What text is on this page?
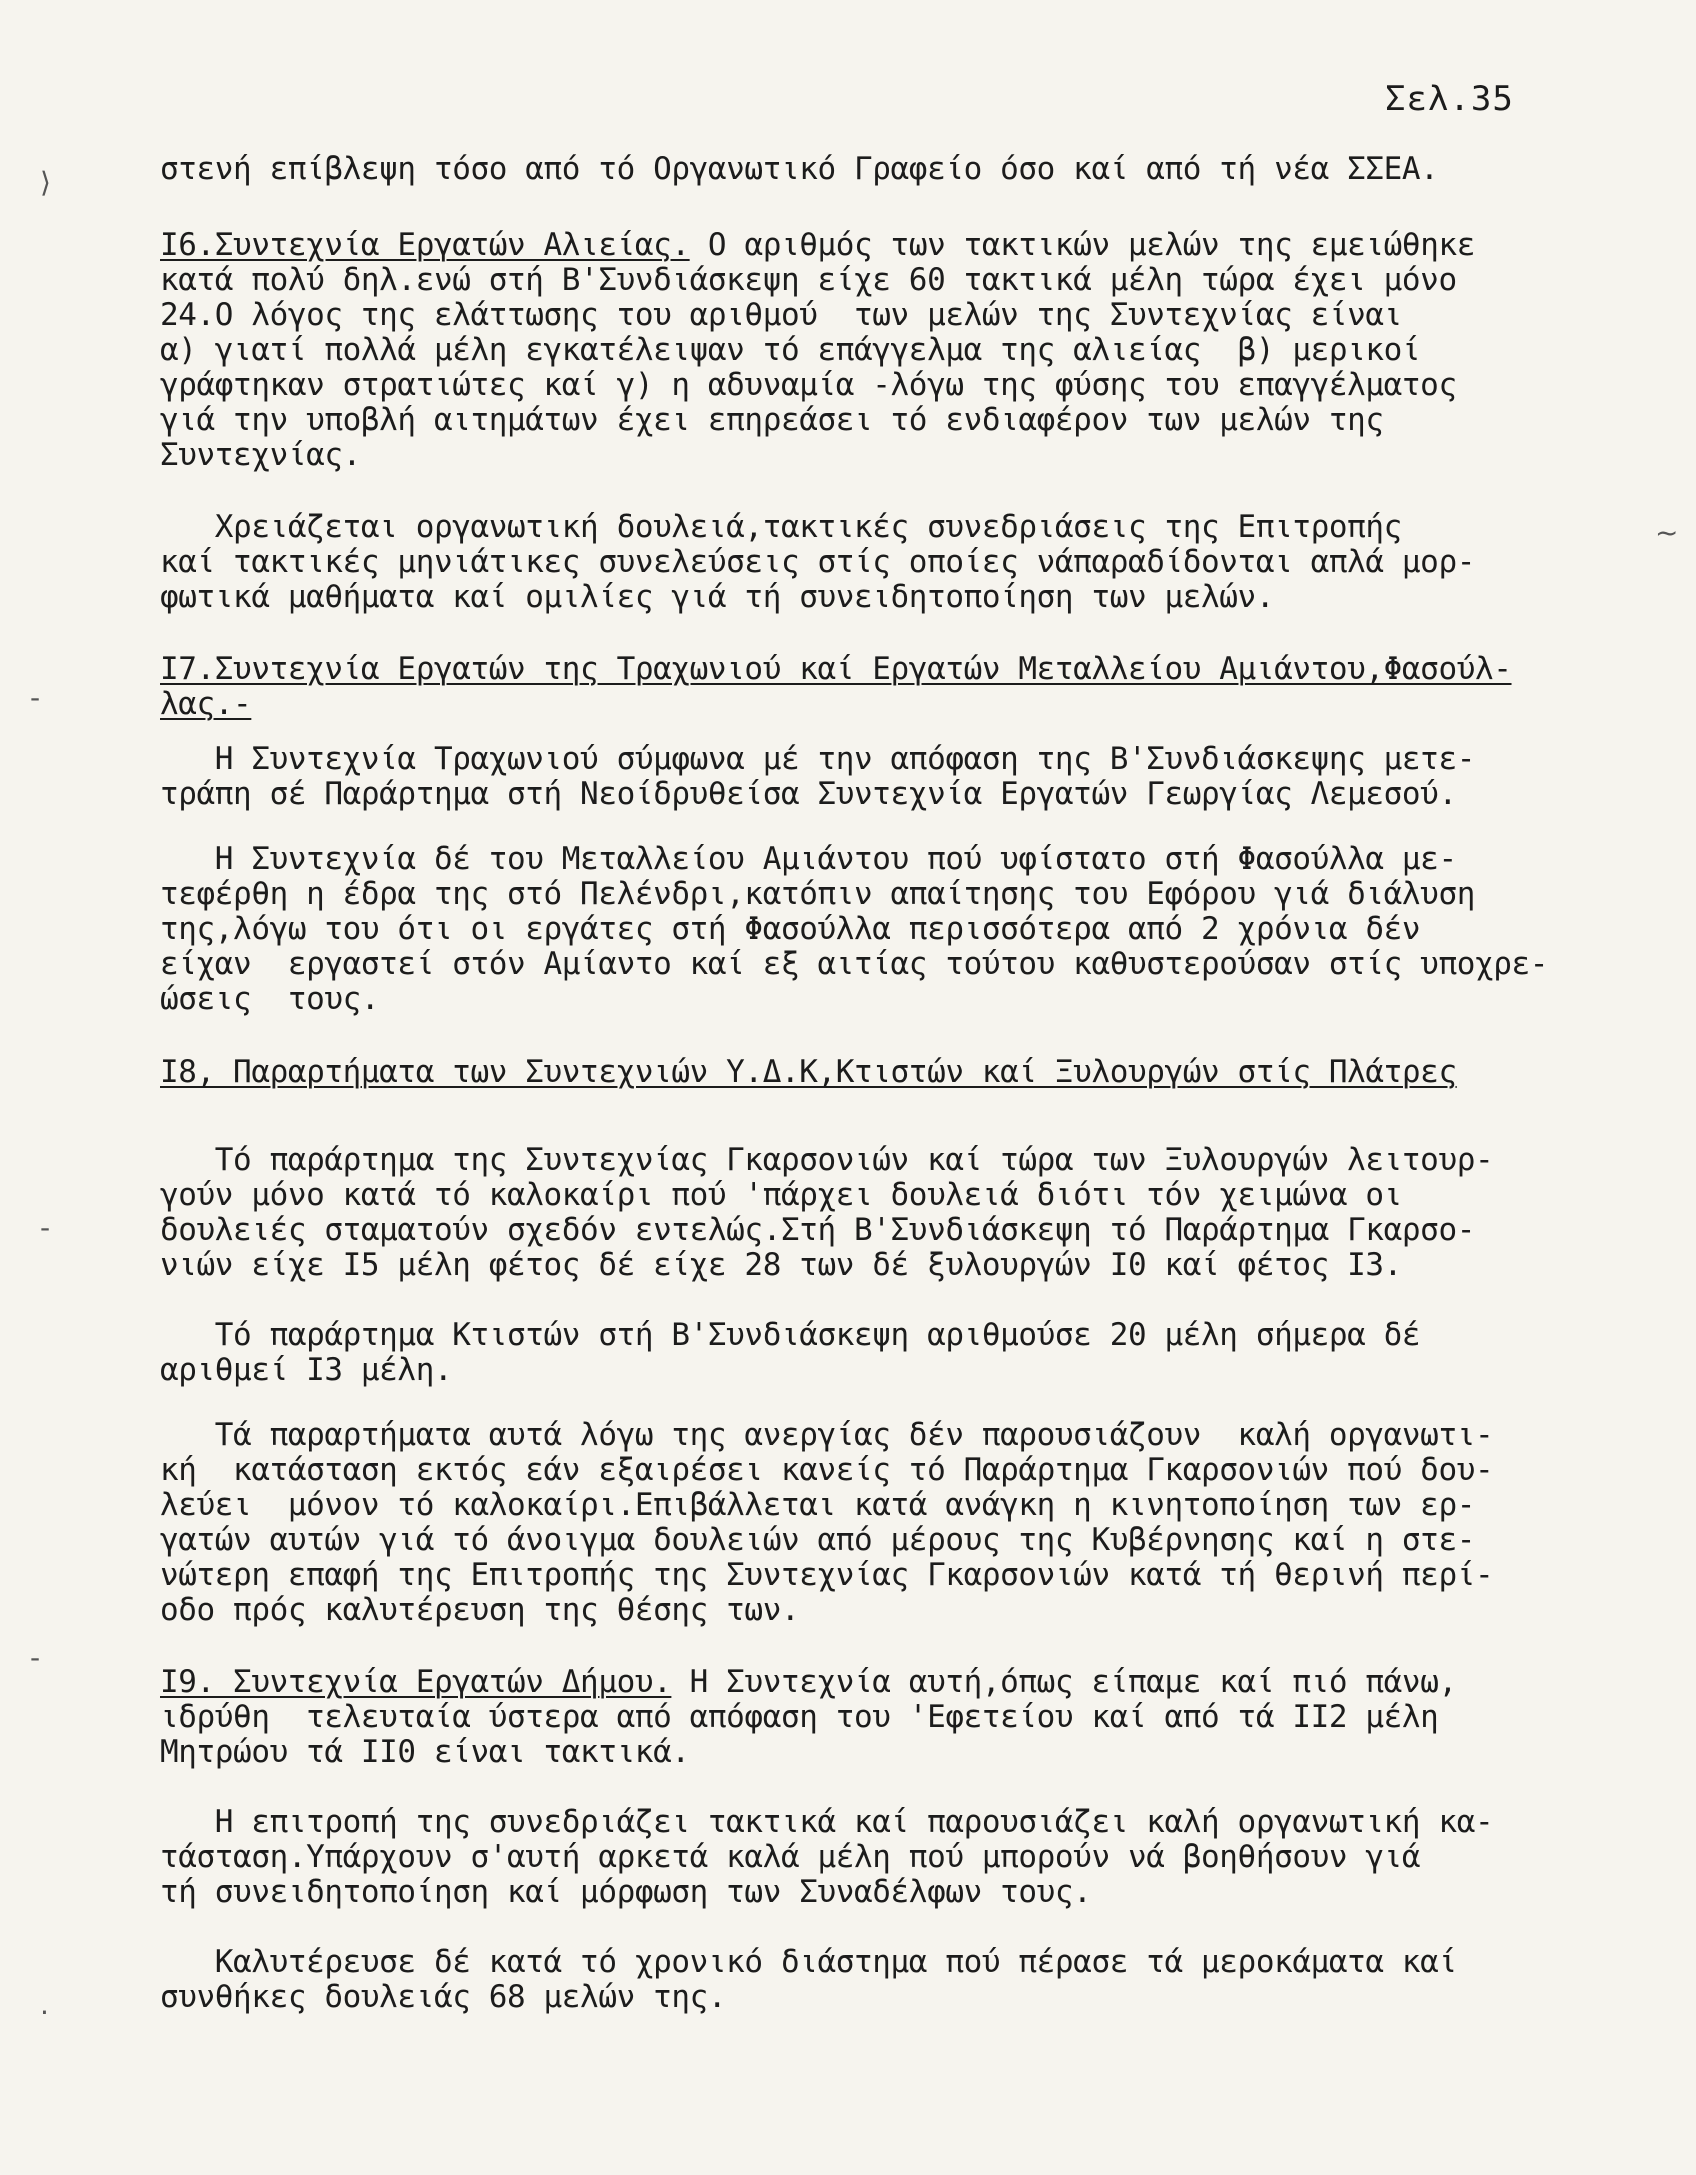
Σελ.35
στενή επίβλεψη τόσο από τό Οργανωτικό Γραφείο όσο καί από τή νέα ΣΣΕΑ.
I6.Συντεχνία Εργατών Αλιείας. Ο αριθμός των τακτικών μελών της εμειώθηκε
κατά πολύ δηλ.ενώ στή Β'Συνδιάσκεψη είχε 60 τακτικά μέλη τώρα έχει μόνο
24.Ο λόγος της ελάττωσης του αριθμού  των μελών της Συντεχνίας είναι
α) γιατί πολλά μέλη εγκατέλειψαν τό επάγγελμα της αλιείας  β) μερικοί
γράφτηκαν στρατιώτες καί γ) η αδυναμία -λόγω της φύσης του επαγγέλματος
γιά την υποβλή αιτημάτων έχει επηρεάσει τό ενδιαφέρον των μελών της
Συντεχνίας.
Χρειάζεται οργανωτική δουλειά,τακτικές συνεδριάσεις της Επιτροπής
καί τακτικές μηνιάτικες συνελεύσεις στίς οποίες νάπαραδίδονται απλά μορ-
φωτικά μαθήματα καί ομιλίες γιά τή συνειδητοποίηση των μελών.
I7.Συντεχνία Εργατών της Τραχωνιού καί Εργατών Μεταλλείου Αμιάντου,Φασούλ-
λας.-
Η Συντεχνία Τραχωνιού σύμφωνα μέ την απόφαση της Β'Συνδιάσκεψης μετε-
τράπη σέ Παράρτημα στή Νεοίδρυθείσα Συντεχνία Εργατών Γεωργίας Λεμεσού.
Η Συντεχνία δέ του Μεταλλείου Αμιάντου πού υφίστατο στή Φασούλλα με-
τεφέρθη η έδρα της στό Πελένδρι,κατόπιν απαίτησης του Εφόρου γιά διάλυση
της,λόγω του ότι οι εργάτες στή Φασούλλα περισσότερα από 2 χρόνια δέν
είχαν  εργαστεί στόν Αμίαντο καί εξ αιτίας τούτου καθυστερούσαν στίς υποχρε-
ώσεις  τους.
I8, Παραρτήματα των Συντεχνιών Υ.Δ.Κ,Κτιστών καί Ξυλουργών στίς Πλάτρες
Τό παράρτημα της Συντεχνίας Γκαρσονιών καί τώρα των Ξυλουργών λειτουρ-
γούν μόνο κατά τό καλοκαίρι πού 'πάρχει δουλειά διότι τόν χειμώνα οι
δουλειές σταματούν σχεδόν εντελώς.Στή Β'Συνδιάσκεψη τό Παράρτημα Γκαρσο-
νιών είχε I5 μέλη φέτος δέ είχε 28 των δέ ξυλουργών I0 καί φέτος I3.
Τό παράρτημα Κτιστών στή Β'Συνδιάσκεψη αριθμούσε 20 μέλη σήμερα δέ
αριθμεί I3 μέλη.
Τά παραρτήματα αυτά λόγω της ανεργίας δέν παρουσιάζουν  καλή οργανωτι-
κή  κατάσταση εκτός εάν εξαιρέσει κανείς τό Παράρτημα Γκαρσονιών πού δου-
λεύει  μόνον τό καλοκαίρι.Επιβάλλεται κατά ανάγκη η κινητοποίηση των ερ-
γατών αυτών γιά τό άνοιγμα δουλειών από μέρους της Κυβέρνησης καί η στε-
νώτερη επαφή της Επιτροπής της Συντεχνίας Γκαρσονιών κατά τή θερινή περί-
οδο πρός καλυτέρευση της θέσης των.
I9. Συντεχνία Εργατών Δήμου. Η Συντεχνία αυτή,όπως είπαμε καί πιό πάνω,
ιδρύθη  τελευταία ύστερα από απόφαση του 'Εφετείου καί από τά II2 μέλη
Μητρώου τά II0 είναι τακτικά.
Η επιτροπή της συνεδριάζει τακτικά καί παρουσιάζει καλή οργανωτική κα-
τάσταση.Υπάρχουν σ'αυτή αρκετά καλά μέλη πού μπορούν νά βοηθήσουν γιά
τή συνειδητοποίηση καί μόρφωση των Συναδέλφων τους.
Καλυτέρευσε δέ κατά τό χρονικό διάστημα πού πέρασε τά μεροκάματα καί
συνθήκες δουλειάς 68 μελών της.
⟩
~
-
-
-
·
